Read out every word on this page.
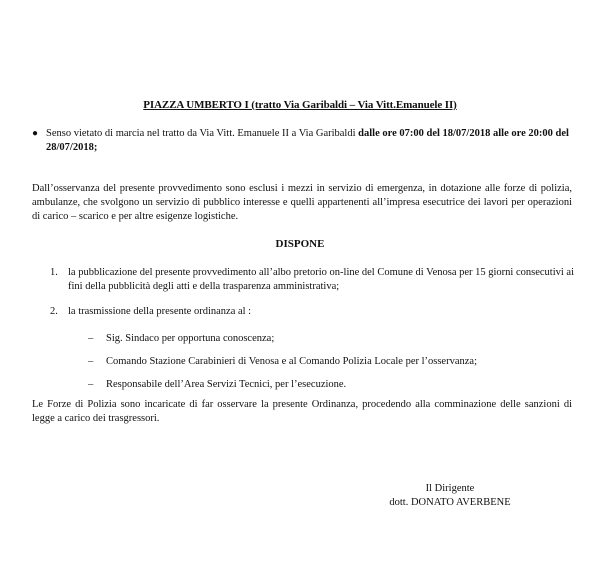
PIAZZA UMBERTO I (tratto Via Garibaldi – Via Vitt.Emanuele II)
● Senso vietato di marcia nel tratto da Via Vitt. Emanuele II a Via Garibaldi dalle ore 07:00 del 18/07/2018 alle ore 20:00 del 28/07/2018;
Dall’osservanza del presente provvedimento sono esclusi i mezzi in servizio di emergenza, in dotazione alle forze di polizia, ambulanze, che svolgono un servizio di pubblico interesse e quelli appartenenti all’impresa esecutrice dei lavori per operazioni di carico – scarico e per altre esigenze logistiche.
DISPONE
1. la pubblicazione del presente provvedimento all’albo pretorio on-line del Comune di Venosa per 15 giorni consecutivi ai fini della pubblicità degli atti e della trasparenza amministrativa;
2. la trasmissione della presente ordinanza al :
–	Sig. Sindaco per opportuna conoscenza;
–	Comando Stazione Carabinieri di Venosa e al Comando Polizia Locale per l’osservanza;
–	Responsabile dell’Area Servizi Tecnici, per l’esecuzione.
Le Forze di Polizia sono incaricate di far osservare la presente Ordinanza, procedendo alla comminazione delle sanzioni di legge a carico dei trasgressori.
Il Dirigente
dott. DONATO AVERBENE
